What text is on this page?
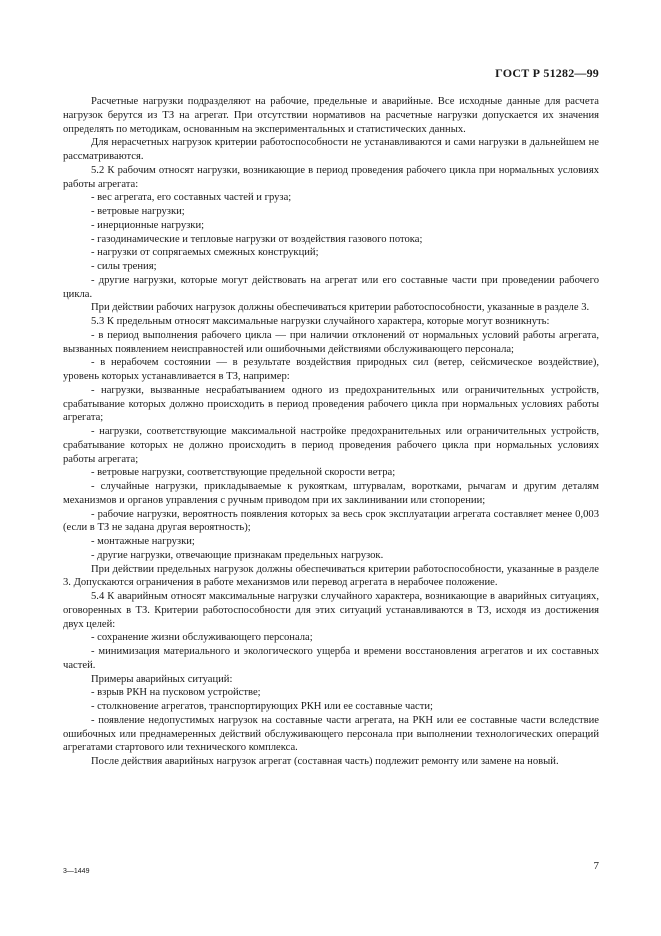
ГОСТ Р 51282—99

Расчетные нагрузки подразделяют на рабочие, предельные и аварийные. Все исходные данные для расчета нагрузок берутся из ТЗ на агрегат. При отсутствии нормативов на расчетные нагрузки допускается их значения определять по методикам, основанным на экспериментальных и статистических данных.

Для нерасчетных нагрузок критерии работоспособности не устанавливаются и сами нагрузки в дальнейшем не рассматриваются.

5.2 К рабочим относят нагрузки, возникающие в период проведения рабочего цикла при нормальных условиях работы агрегата:

- вес агрегата, его составных частей и груза;

- ветровые нагрузки;

- инерционные нагрузки;

- газодинамические и тепловые нагрузки от воздействия газового потока;

- нагрузки от сопрягаемых смежных конструкций;

- силы трения;

- другие нагрузки, которые могут действовать на агрегат или его составные части при проведении рабочего цикла.

При действии рабочих нагрузок должны обеспечиваться критерии работоспособности, указанные в разделе 3.

5.3 К предельным относят максимальные нагрузки случайного характера, которые могут возникнуть:

- в период выполнения рабочего цикла — при наличии отклонений от нормальных условий работы агрегата, вызванных появлением неисправностей или ошибочными действиями обслуживающего персонала;

- в нерабочем состоянии — в результате воздействия природных сил (ветер, сейсмическое воздействие), уровень которых устанавливается в ТЗ, например:

- нагрузки, вызванные несрабатыванием одного из предохранительных или ограничительных устройств, срабатывание которых должно происходить в период проведения рабочего цикла при нормальных условиях работы агрегата;

- нагрузки, соответствующие максимальной настройке предохранительных или ограничительных устройств, срабатывание которых не должно происходить в период проведения рабочего цикла при нормальных условиях работы агрегата;

- ветровые нагрузки, соответствующие предельной скорости ветра;

- случайные нагрузки, прикладываемые к рукояткам, штурвалам, воротками, рычагам и другим деталям механизмов и органов управления с ручным приводом при их заклинивании или стопорении;

- рабочие нагрузки, вероятность появления которых за весь срок эксплуатации агрегата составляет менее 0,003 (если в ТЗ не задана другая вероятность);

- монтажные нагрузки;

- другие нагрузки, отвечающие признакам предельных нагрузок.

При действии предельных нагрузок должны обеспечиваться критерии работоспособности, указанные в разделе 3. Допускаются ограничения в работе механизмов или перевод агрегата в нерабочее положение.

5.4 К аварийным относят максимальные нагрузки случайного характера, возникающие в аварийных ситуациях, оговоренных в ТЗ. Критерии работоспособности для этих ситуаций устанавливаются в ТЗ, исходя из достижения двух целей:

- сохранение жизни обслуживающего персонала;

- минимизация материального и экологического ущерба и времени восстановления агрегатов и их составных частей.

Примеры аварийных ситуаций:

- взрыв РКН на пусковом устройстве;

- столкновение агрегатов, транспортирующих РКН или ее составные части;

- появление недопустимых нагрузок на составные части агрегата, на РКН или ее составные части вследствие ошибочных или преднамеренных действий обслуживающего персонала при выполнении технологических операций агрегатами стартового или технического комплекса.

После действия аварийных нагрузок агрегат (составная часть) подлежит ремонту или замене на новый.

3—1449	7
